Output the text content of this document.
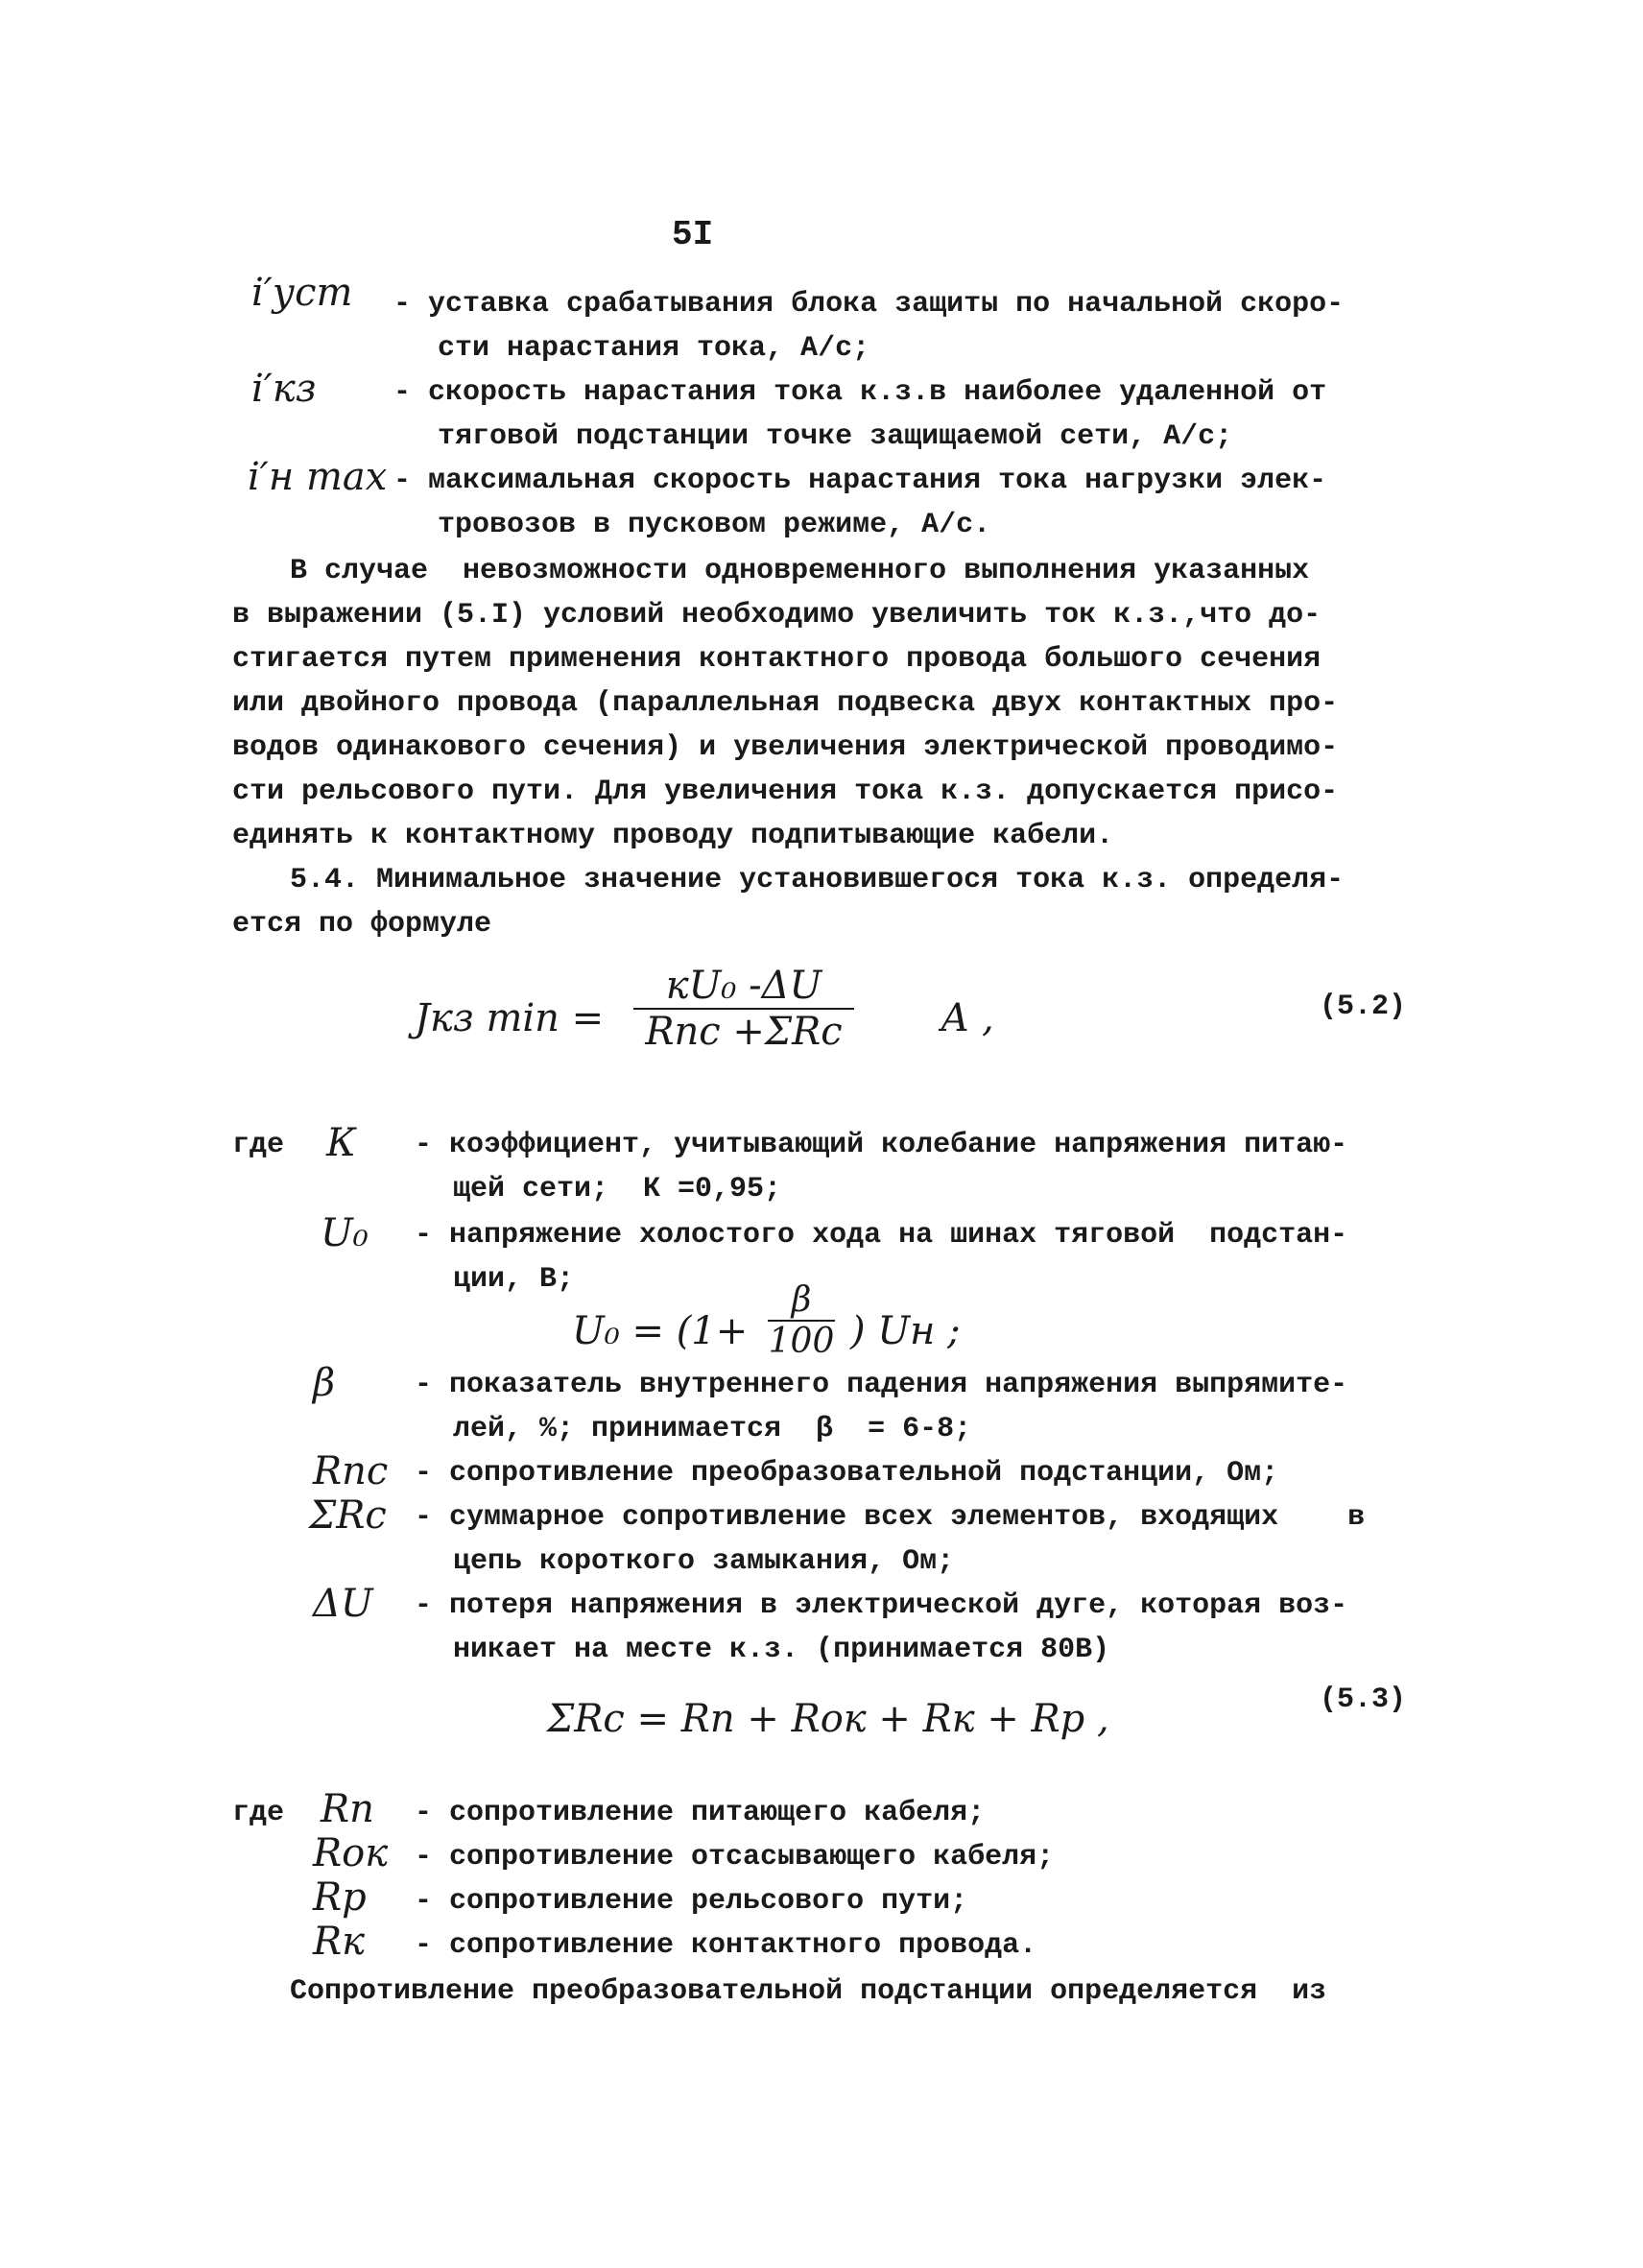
5I
i′уст - уставка срабатывания блока защиты по начальной скоро-
сти нарастания тока, А/с;
i′кз	- скорость нарастания тока к.з.в наиболее удаленной от
тяговой подстанции точке защищаемой сети, А/с;
i′н max - максимальная скорость нарастания тока нагрузки элек-
тровозов в пусковом режиме, А/с.
В случае  невозможности одновременного выполнения указанных
в выражении (5.I) условий необходимо увеличить ток к.з.,что до-
стигается путем применения контактного провода большого сечения
или двойного провода (параллельная подвеска двух контактных про-
водов одинакового сечения) и увеличения электрической проводимо-
сти рельсового пути. Для увеличения тока к.з. допускается присо-
единять к контактному проводу подпитывающие кабели.
5.4. Минимальное значение установившегося тока к.з. определя-
ется по формуле
Jкз min =
кU₀ -ΔU
Rпс +ΣRс	А ,	(5.2)
где К - коэффициент, учитывающий колебание напряжения питаю-
щей сети;  К =0,95;
U₀ - напряжение холостого хода на шинах тяговой  подстан-
ции, В;
U₀ = (1+
β
100 ) Uн ;
β	- показатель внутреннего падения напряжения выпрямите-
лей, %; принимается  β  = 6-8;
Rпс - сопротивление преобразовательной подстанции, Ом;
ΣRс - суммарное сопротивление всех элементов, входящих    в
цепь короткого замыкания, Ом;
ΔU - потеря напряжения в электрической дуге, которая воз-
никает на месте к.з. (принимается 80В)
ΣRс = Rп + Rок + Rк + Rр ,	(5.3)
где Rп - сопротивление питающего кабеля;
Rок - сопротивление отсасывающего кабеля;
Rр - сопротивление рельсового пути;
Rк - сопротивление контактного провода.
Сопротивление преобразовательной подстанции определяется  из
